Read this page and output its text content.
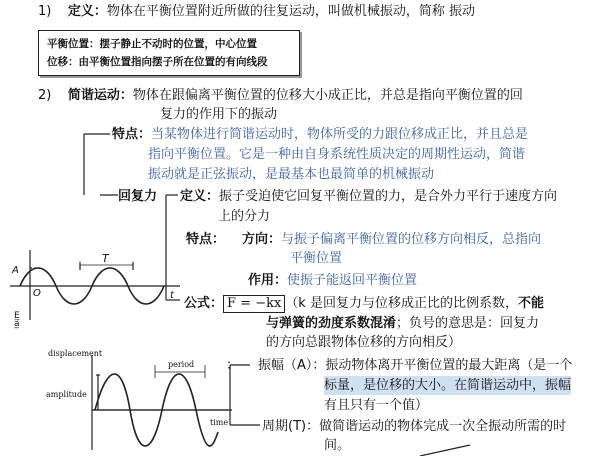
1) 定义：物体在平衡位置附近所做的往复运动，叫做机械振动，简称 振动
平衡位置：摆子静止不动时的位置，中心位置
位移：由平衡位置指向摆子所在位置的有向线段
2) 简谐运动：物体在跟偏离平衡位置的位移大小成正比，并总是指向平衡位置的回
复力的作用下的振动
特点：当某物体进行简谐运动时，物体所受的力跟位移成正比，并且总是
指向平衡位置。它是一种由自身系统性质决定的周期性运动，简谐
振动就是正弦振动，是最基本也最简单的机械振动
回复力 定义：振子受迫使它回复平衡位置的力，是合外力平行于速度方向
上的分力
特点： 方向：与振子偏离平衡位置的位移方向相反，总指向
平衡位置
作用：使振子能返回平衡位置
公式： F = −kx （k 是回复力与位移成正比的比例系数，不能
与弹簧的劲度系数混淆；负号的意思是：回复力
的方向总跟物体位移的方向相反）
： 振幅（A）：振动物体离开平衡位置的最大距离（是一个
标量，是位移的大小。在简谐运动中，振幅
有且只有一个值）
周期(T)：做简谐运动的物体完成一次全振动所需的时
间。
T
A
O	t
E̲ a̲
displacement
amplitude
period
time
